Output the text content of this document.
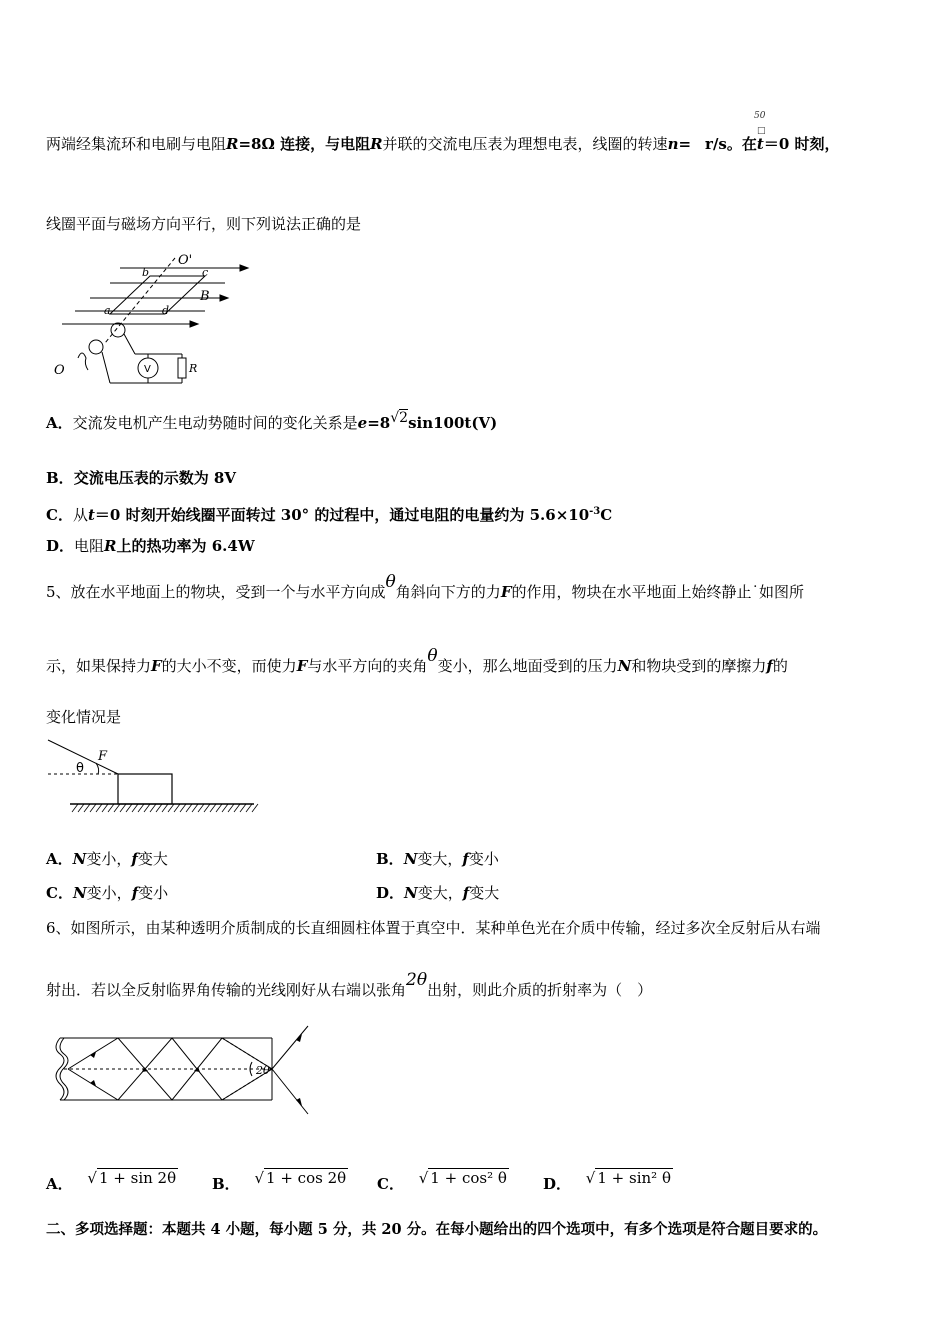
两端经集流环和电刷与电阻R=8Ω 连接，与电阻R并联的交流电压表为理想电表，线圈的转速n= r/s。在t＝0 时刻，
50
□
线圈平面与磁场方向平行，则下列说法正确的是
O'
b	c
B
a	d
O	V	R
A．交流发电机产生电动势随时间的变化关系是e=8√2sin100t(V)
B．交流电压表的示数为 8V
C．从t＝0 时刻开始线圈平面转过 30° 的过程中，通过电阻的电量约为 $5.6\times 10^{-3}C$
D．电阻R上的热功率为 6.4W
5、放在水平地面上的物块，受到一个与水平方向成θ角斜向下方的力F的作用，物块在水平地面上始终静止˙如图所
示，如果保持力F的大小不变，而使力F与水平方向的夹角θ变小，那么地面受到的压力N和物块受到的摩擦力f的
变化情况是
θ
F
A．N变小，f变大	B．N变大，f变小
C．N变小，f变小	D．N变大，f变大
6、如图所示，由某种透明介质制成的长直细圆柱体置于真空中．某种单色光在介质中传输，经过多次全反射后从右端
射出．若以全反射临界角传输的光线刚好从右端以张角2θ出射，则此介质的折射率为（　）
2θ
A． √ 1 + sin 2θ B． √ 1 + cos 2θ C． √ 1 + cos² θ D． √ 1 + sin² θ
二、多项选择题：本题共 4 小题，每小题 5 分，共 20 分。在每小题给出的四个选项中，有多个选项是符合题目要求的。
